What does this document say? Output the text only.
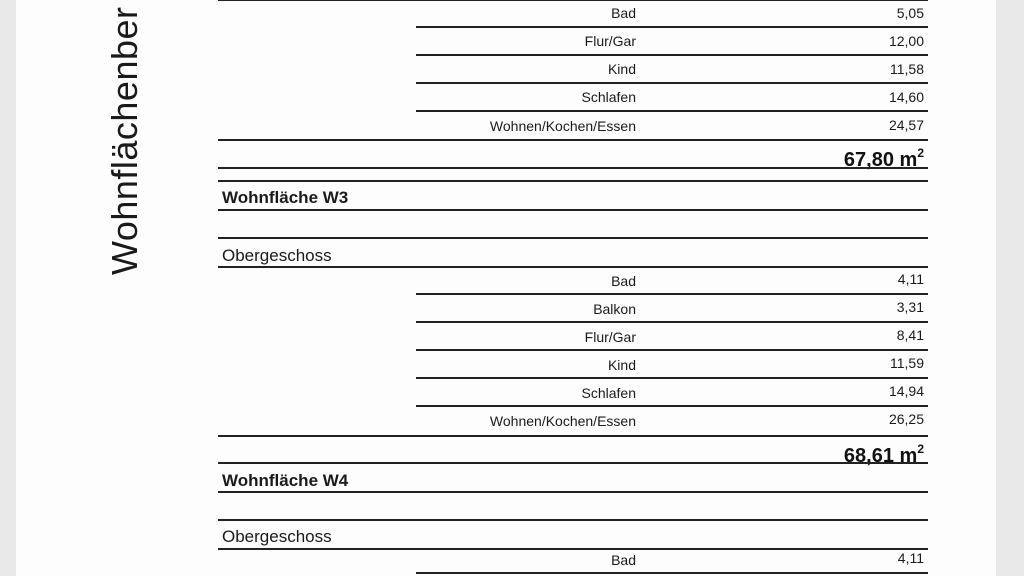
Wohnflächenber	Bad	5,05
Flur/Gar	12,00
Kind	11,58
Schlafen	14,60
Wohnen/Kochen/Essen	24,57
67,80 $m^2$
Wohnfläche W3
Obergeschoss
Bad	4,11
Balkon	3,31
Flur/Gar	8,41
Kind	11,59
Schlafen	14,94
Wohnen/Kochen/Essen	26,25
68,61 $m^2$
Wohnfläche W4
Obergeschoss
Bad	4,11
